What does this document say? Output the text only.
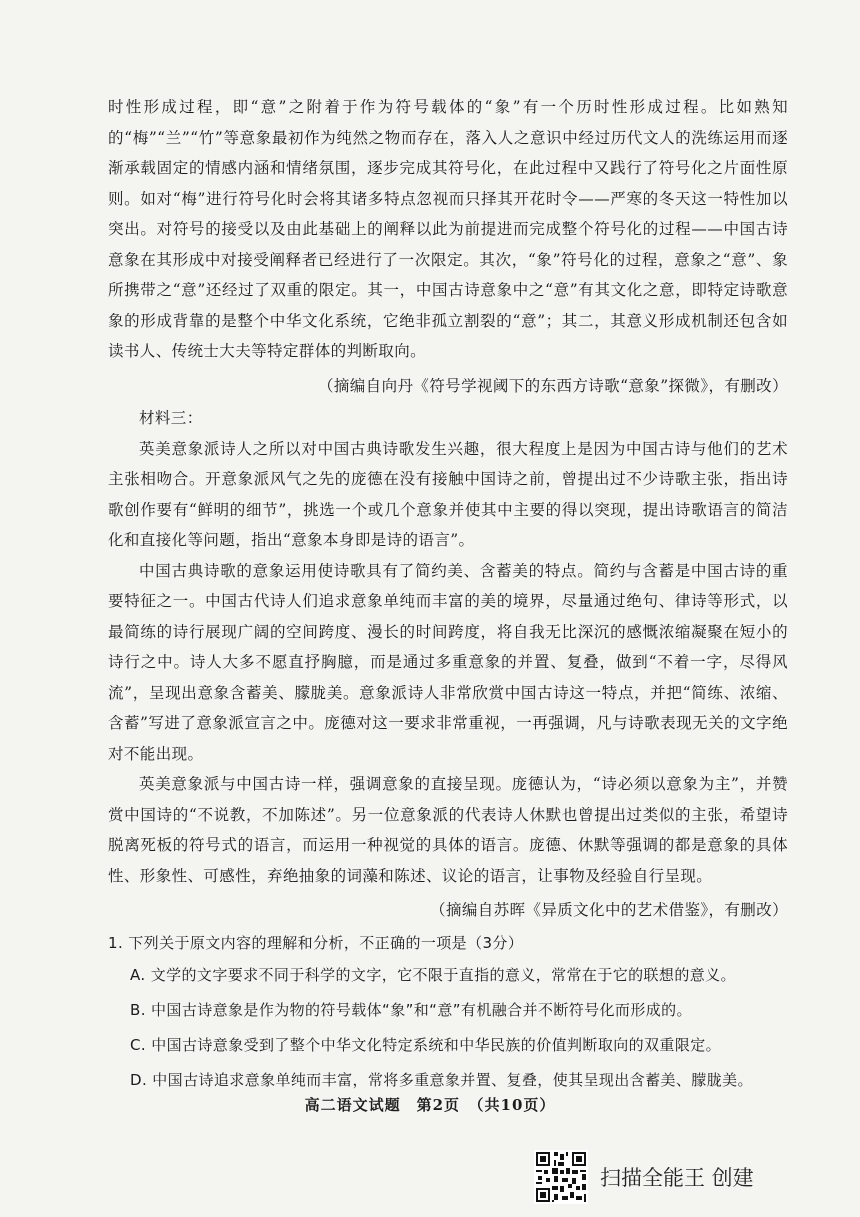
时性形成过程，即“意”之附着于作为符号载体的“象”有一个历时性形成过程。比如熟知的“梅”“兰”“竹”等意象最初作为纯然之物而存在，落入人之意识中经过历代文人的洗练运用而逐渐承载固定的情感内涵和情绪氛围，逐步完成其符号化，在此过程中又践行了符号化之片面性原则。如对“梅”进行符号化时会将其诸多特点忽视而只择其开花时令——严寒的冬天这一特性加以突出。对符号的接受以及由此基础上的阐释以此为前提进而完成整个符号化的过程——中国古诗意象在其形成中对接受阐释者已经进行了一次限定。其次，“象”符号化的过程，意象之“意”、象所携带之“意”还经过了双重的限定。其一，中国古诗意象中之“意”有其文化之意，即特定诗歌意象的形成背靠的是整个中华文化系统，它绝非孤立割裂的“意”；其二，其意义形成机制还包含如读书人、传统士大夫等特定群体的判断取向。

（摘编自向丹《符号学视阈下的东西方诗歌“意象”探微》，有删改）

材料三：

英美意象派诗人之所以对中国古典诗歌发生兴趣，很大程度上是因为中国古诗与他们的艺术主张相吻合。开意象派风气之先的庞德在没有接触中国诗之前，曾提出过不少诗歌主张，指出诗歌创作要有“鲜明的细节”，挑选一个或几个意象并使其中主要的得以突现，提出诗歌语言的简洁化和直接化等问题，指出“意象本身即是诗的语言”。

中国古典诗歌的意象运用使诗歌具有了简约美、含蓄美的特点。简约与含蓄是中国古诗的重要特征之一。中国古代诗人们追求意象单纯而丰富的美的境界，尽量通过绝句、律诗等形式，以最简练的诗行展现广阔的空间跨度、漫长的时间跨度，将自我无比深沉的感慨浓缩凝聚在短小的诗行之中。诗人大多不愿直抒胸臆，而是通过多重意象的并置、复叠，做到“不着一字，尽得风流”，呈现出意象含蓄美、朦胧美。意象派诗人非常欣赏中国古诗这一特点，并把“简练、浓缩、含蓄”写进了意象派宣言之中。庞德对这一要求非常重视，一再强调，凡与诗歌表现无关的文字绝对不能出现。

英美意象派与中国古诗一样，强调意象的直接呈现。庞德认为，“诗必须以意象为主”，并赞赏中国诗的“不说教，不加陈述”。另一位意象派的代表诗人休默也曾提出过类似的主张，希望诗脱离死板的符号式的语言，而运用一种视觉的具体的语言。庞德、休默等强调的都是意象的具体性、形象性、可感性，弃绝抽象的词藻和陈述、议论的语言，让事物及经验自行呈现。

（摘编自苏晖《异质文化中的艺术借鉴》，有删改）

1. 下列关于原文内容的理解和分析，不正确的一项是（3分）

A. 文学的文字要求不同于科学的文字，它不限于直指的意义，常常在于它的联想的意义。

B. 中国古诗意象是作为物的符号载体“象”和“意”有机融合并不断符号化而形成的。

C. 中国古诗意象受到了整个中华文化特定系统和中华民族的价值判断取向的双重限定。

D. 中国古诗追求意象单纯而丰富，常将多重意象并置、复叠，使其呈现出含蓄美、朦胧美。

高二语文试题　第2页　（共10页）
扫描全能王 创建
